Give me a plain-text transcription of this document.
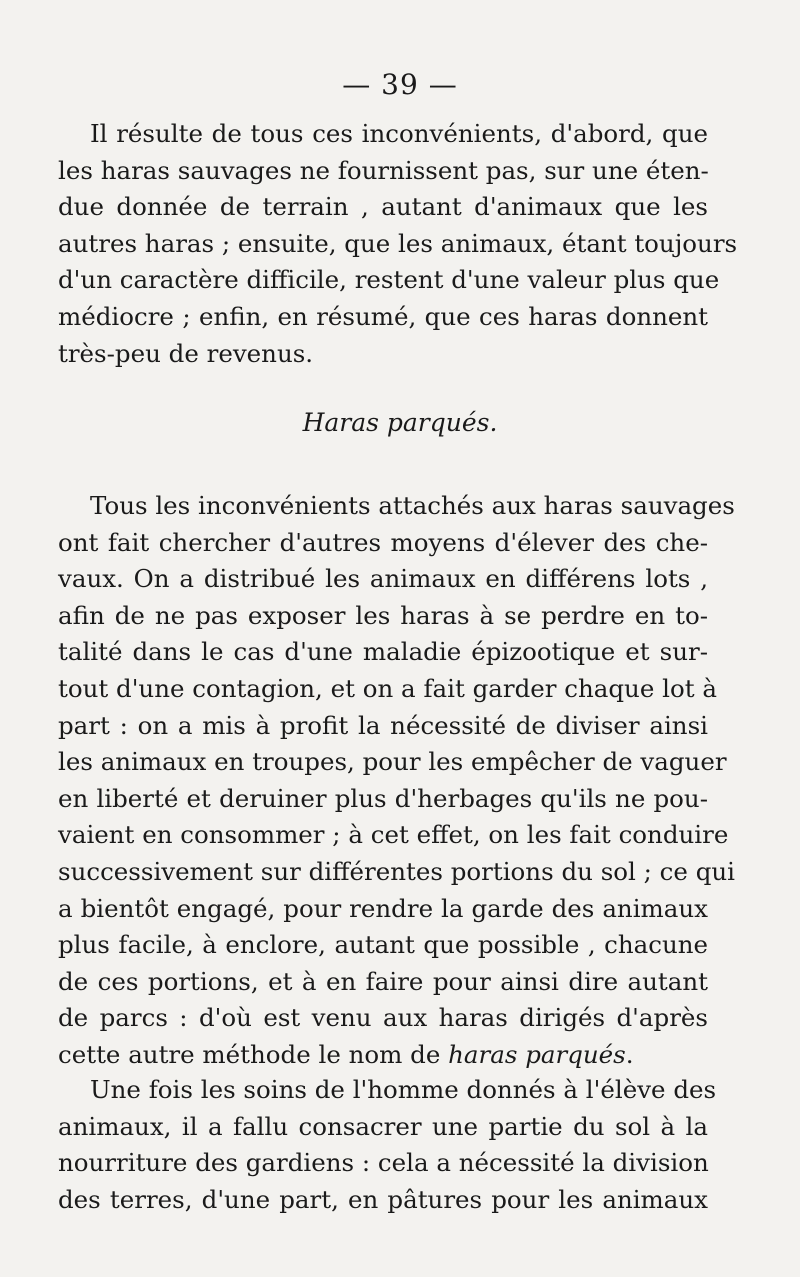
— 39 —
Il résulte de tous ces inconvénients, d'abord, que
les haras sauvages ne fournissent pas, sur une éten-
due donnée de terrain , autant d'animaux que les
autres haras ; ensuite, que les animaux, étant toujours
d'un caractère difficile, restent d'une valeur plus que
médiocre ; enfin, en résumé, que ces haras donnent
très-peu de revenus.
Haras parqués.
Tous les inconvénients attachés aux haras sauvages
ont fait chercher d'autres moyens d'élever des che-
vaux. On a distribué les animaux en différens lots ,
afin de ne pas exposer les haras à se perdre en to-
talité dans le cas d'une maladie épizootique et sur-
tout d'une contagion, et on a fait garder chaque lot à
part : on a mis à profit la nécessité de diviser ainsi
les animaux en troupes, pour les empêcher de vaguer
en liberté et deruiner plus d'herbages qu'ils ne pou-
vaient en consommer ; à cet effet, on les fait conduire
successivement sur différentes portions du sol ; ce qui
a bientôt engagé, pour rendre la garde des animaux
plus facile, à enclore, autant que possible , chacune
de ces portions, et à en faire pour ainsi dire autant
de parcs : d'où est venu aux haras dirigés d'après
cette autre méthode le nom de haras parqués.
Une fois les soins de l'homme donnés à l'élève des
animaux, il a fallu consacrer une partie du sol à la
nourriture des gardiens : cela a nécessité la division
des terres, d'une part, en pâtures pour les animaux
